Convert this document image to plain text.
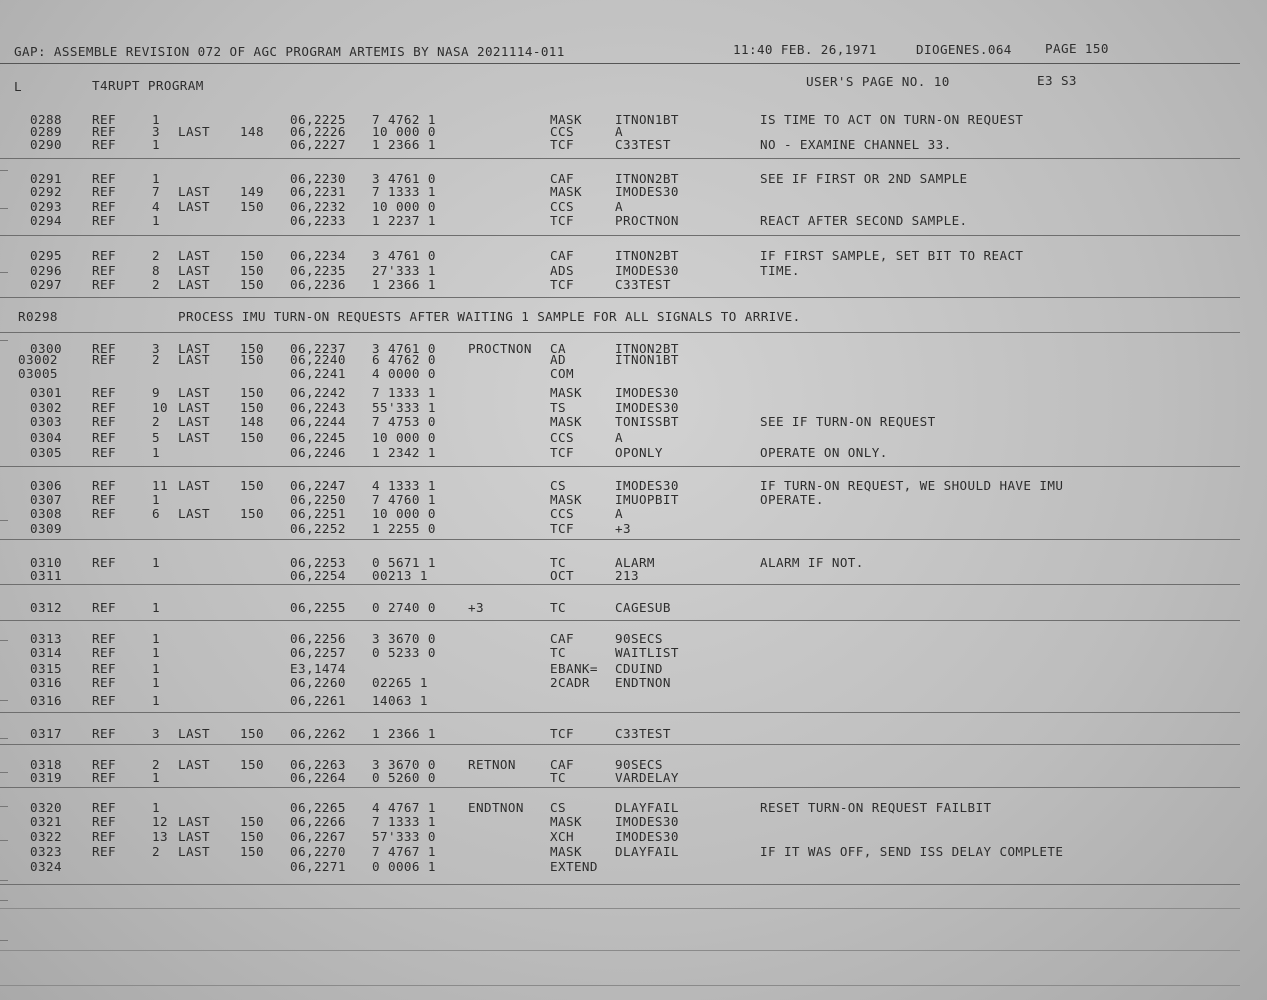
GAP: ASSEMBLE REVISION 072 OF AGC PROGRAM ARTEMIS BY NASA 2021114-011	11:40 FEB. 26,1971	DIOGENES.064	PAGE 150
L	T4RUPT PROGRAM	USER'S PAGE NO. 10	E3 S3
0288 REF	1	06,2225 7 4762 1	MASK	ITNON1BT	IS TIME TO ACT ON TURN-ON REQUEST
0289 REF	3 LAST 148 06,2226 10 000 0	CCS	A
0290 REF	1	06,2227 1 2366 1	TCF	C33TEST	NO - EXAMINE CHANNEL 33.
0291 REF	1	06,2230 3 4761 0	CAF	ITNON2BT	SEE IF FIRST OR 2ND SAMPLE
0292 REF	7 LAST 149 06,2231 7 1333 1	MASK	IMODES30
0293 REF	4 LAST 150 06,2232 10 000 0	CCS	A
0294 REF	1	06,2233 1 2237 1	TCF	PROCTNON	REACT AFTER SECOND SAMPLE.
0295 REF	2 LAST 150 06,2234 3 4761 0	CAF	ITNON2BT	IF FIRST SAMPLE, SET BIT TO REACT
0296 REF	8 LAST 150 06,2235 27'333 1	ADS	IMODES30	TIME.
0297 REF	2 LAST 150 06,2236 1 2366 1	TCF	C33TEST
R0298	PROCESS IMU TURN-ON REQUESTS AFTER WAITING 1 SAMPLE FOR ALL SIGNALS TO ARRIVE.
0300 REF	3 LAST 150 06,2237 3 4761 0	PROCTNON CA	ITNON2BT
03002	REF	2 LAST 150 06,2240 6 4762 0	AD	ITNON1BT
03005	06,2241 4 0000 0	COM
0301 REF	9 LAST 150 06,2242 7 1333 1	MASK	IMODES30
0302 REF	10 LAST 150 06,2243 55'333 1	TS	IMODES30
0303 REF	2 LAST 148 06,2244 7 4753 0	MASK	TONISSBT	SEE IF TURN-ON REQUEST
0304 REF	5 LAST 150 06,2245 10 000 0	CCS	A
0305 REF	1	06,2246 1 2342 1	TCF	OPONLY	OPERATE ON ONLY.
0306 REF	11 LAST 150 06,2247 4 1333 1	CS	IMODES30	IF TURN-ON REQUEST, WE SHOULD HAVE IMU
0307 REF	1	06,2250 7 4760 1	MASK	IMUOPBIT	OPERATE.
0308 REF	6 LAST 150 06,2251 10 000 0	CCS	A
0309	06,2252 1 2255 0	TCF	+3
0310 REF	1	06,2253 0 5671 1	TC	ALARM	ALARM IF NOT.
0311	06,2254 00213 1	OCT	213
0312 REF	1	06,2255 0 2740 0	+3	TC	CAGESUB
0313 REF	1	06,2256 3 3670 0	CAF	90SECS
0314 REF	1	06,2257 0 5233 0	TC	WAITLIST
0315 REF	1	E3,1474	EBANK= CDUIND
0316 REF	1	06,2260 02265 1	2CADR ENDTNON
0316 REF	1	06,2261 14063 1
0317 REF	3 LAST 150 06,2262 1 2366 1	TCF	C33TEST
0318 REF	2 LAST 150 06,2263 3 3670 0	RETNON	CAF	90SECS
0319 REF	1	06,2264 0 5260 0	TC	VARDELAY
0320 REF	1	06,2265 4 4767 1	ENDTNON CS	DLAYFAIL	RESET TURN-ON REQUEST FAILBIT
0321 REF	12 LAST 150 06,2266 7 1333 1	MASK	IMODES30
0322 REF	13 LAST 150 06,2267 57'333 0	XCH	IMODES30
0323 REF	2 LAST 150 06,2270 7 4767 1	MASK	DLAYFAIL	IF IT WAS OFF, SEND ISS DELAY COMPLETE
0324	06,2271 0 0006 1	EXTEND
